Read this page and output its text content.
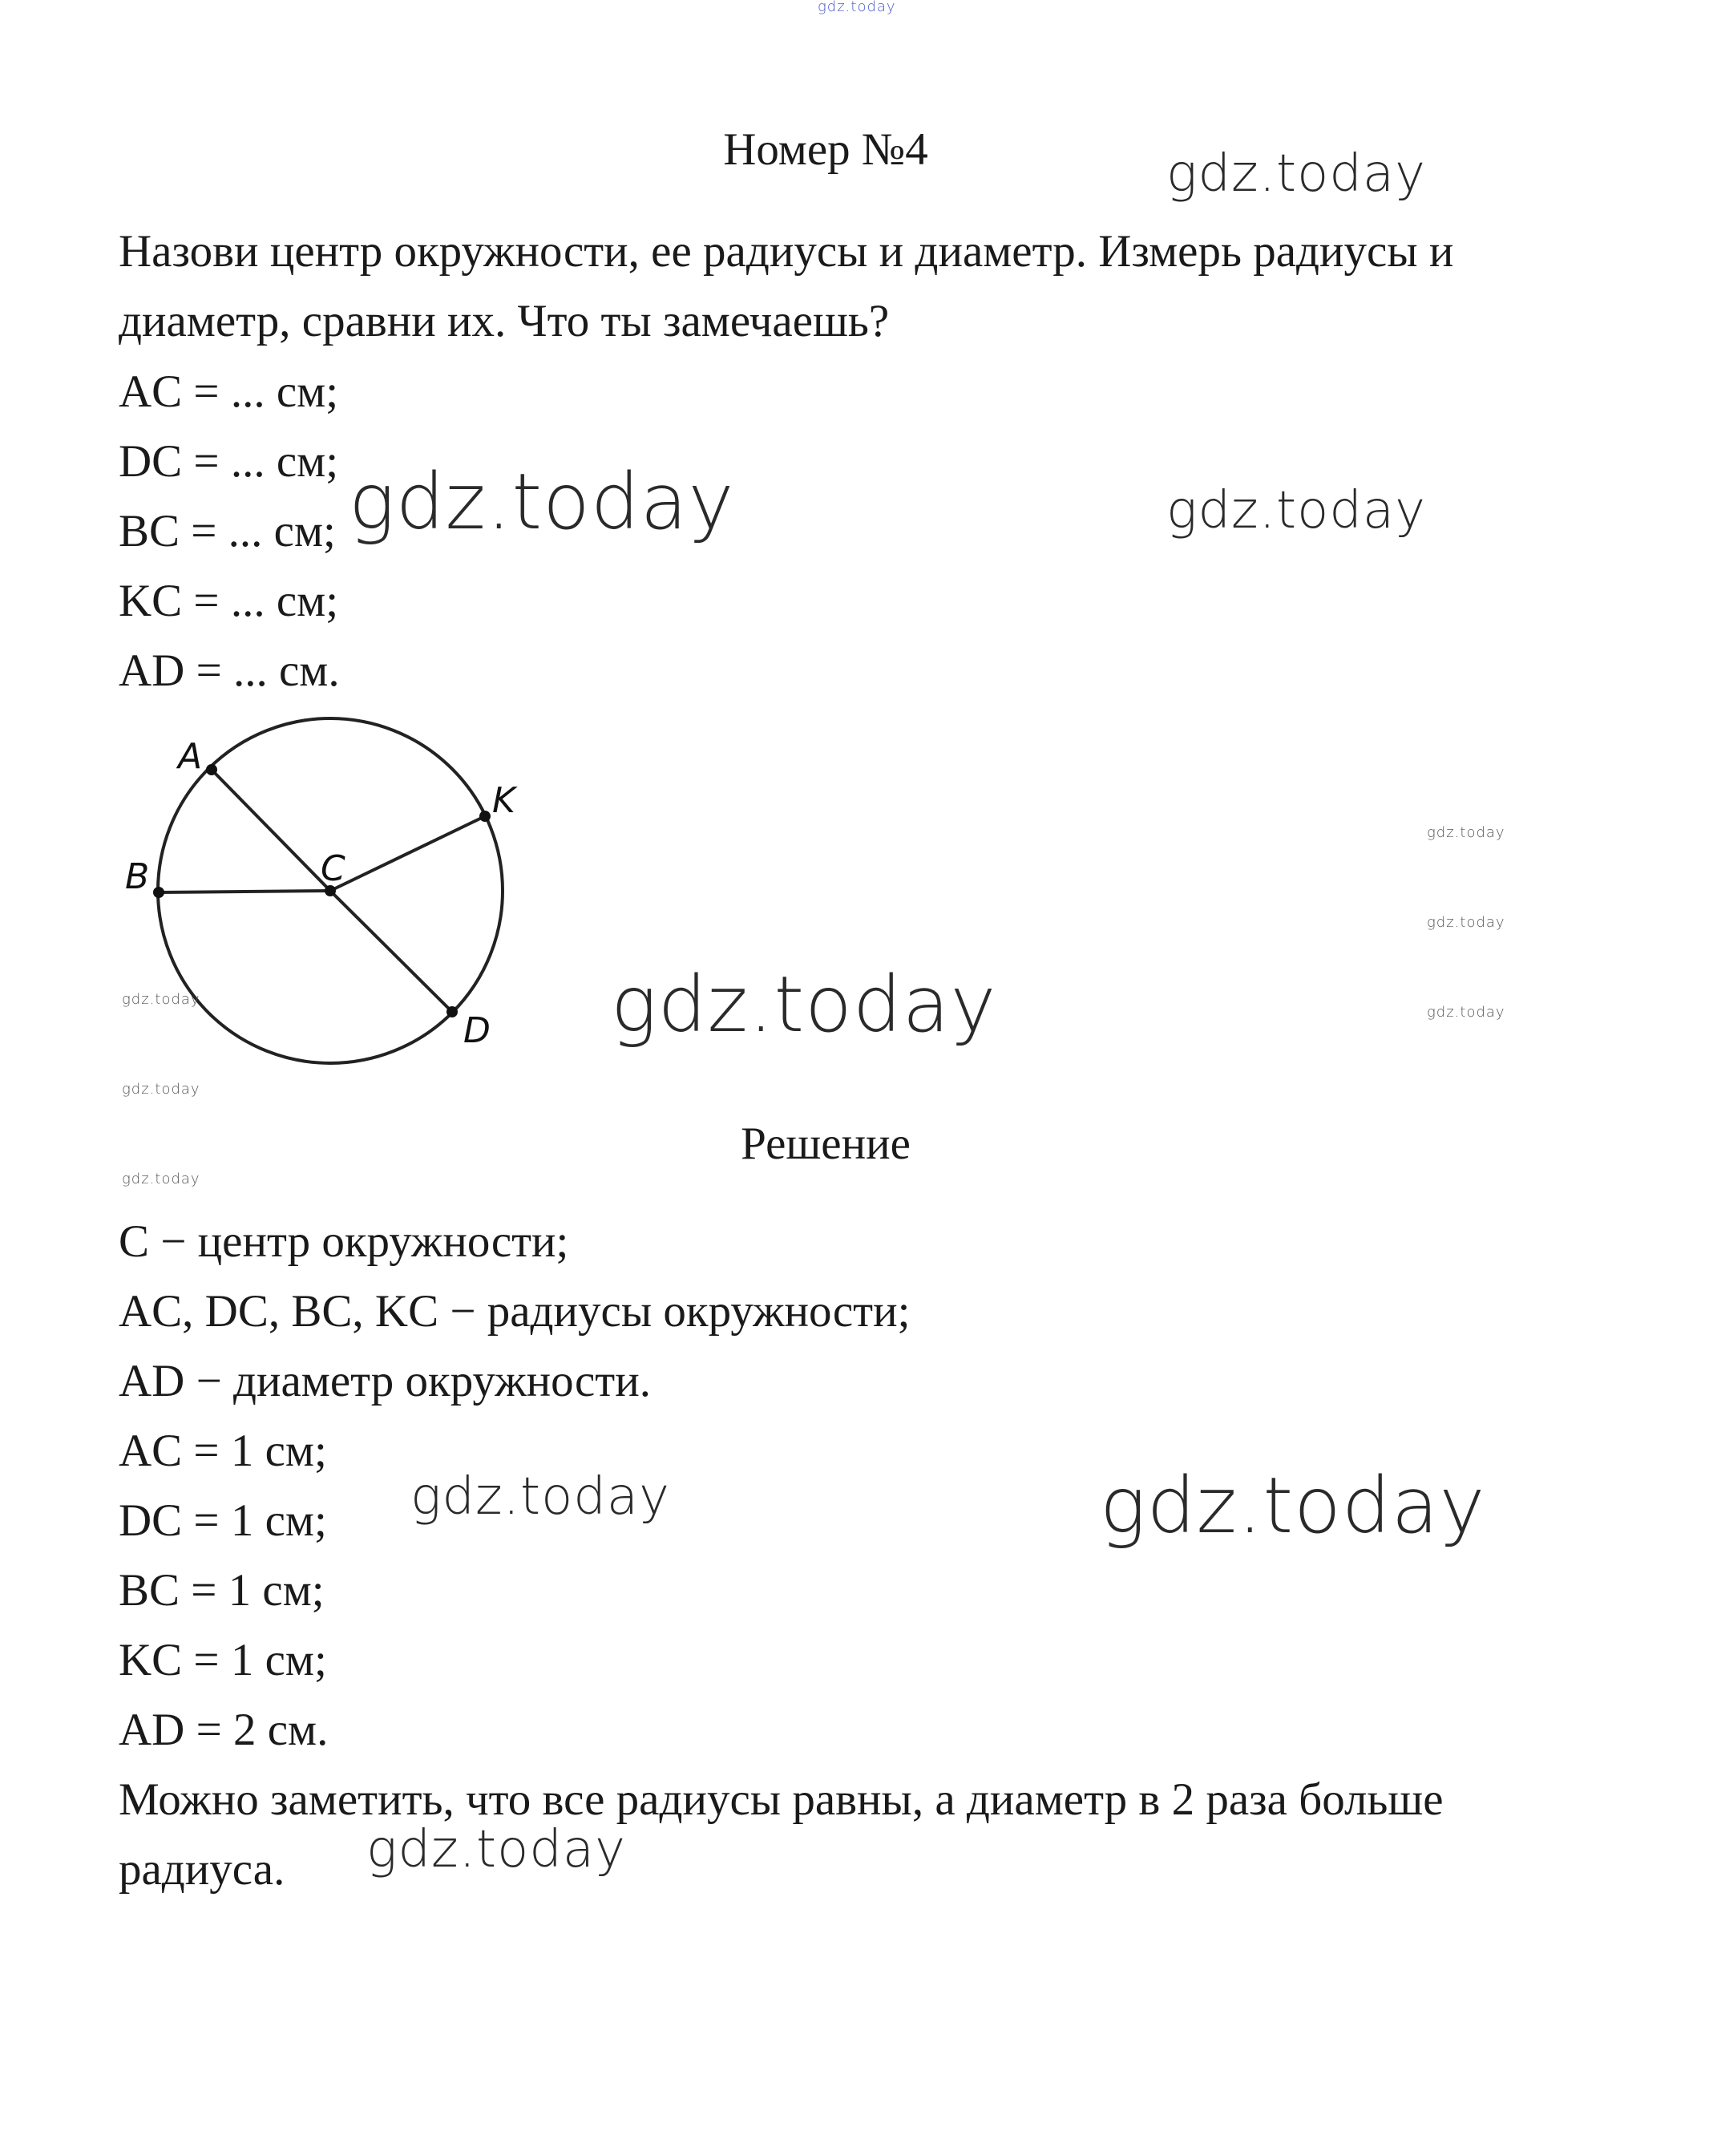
gdz.today
Номер №4
Назови центр окружности, ее радиусы и диаметр. Измерь радиусы и
диаметр, сравни их. Что ты замечаешь?
AC = ... см;
DC = ... см;
BC = ... см;
KC = ... см;
AD = ... см.
A
B	C
K
D
Решение
C − центр окружности;
AC, DC, BC, KC − радиусы окружности;
AD − диаметр окружности.
AC = 1 см;
DC = 1 см;
BC = 1 см;
KC = 1 см;
AD = 2 см.
Можно заметить, что все радиусы равны, а диаметр в 2 раза больше
радиуса.
gdz.today
gdz.today	gdz.today
gdz.today
gdz.today
gdz.today
gdz.today	gdz.today
gdz.today
gdz.today
gdz.today	gdz.today
gdz.today
